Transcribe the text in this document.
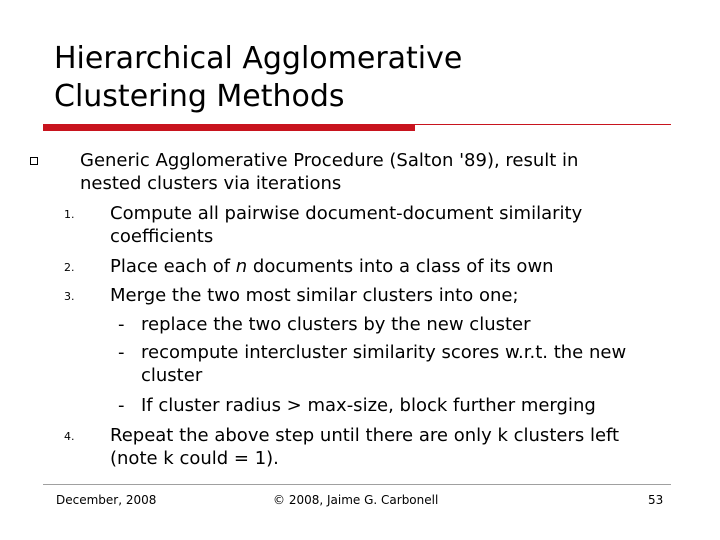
Hierarchical Agglomerative
Clustering Methods
Generic Agglomerative Procedure (Salton '89), result in
nested clusters via iterations
1. Compute all pairwise document-document similarity
coefficients
2. Place each of n documents into a class of its own
3. Merge the two most similar clusters into one;
- replace the two clusters by the new cluster
- recompute intercluster similarity scores w.r.t. the new
cluster
- If cluster radius > max-size, block further merging
4. Repeat the above step until there are only k clusters left
(note k could = 1).
December, 2008	© 2008, Jaime G. Carbonell	53
